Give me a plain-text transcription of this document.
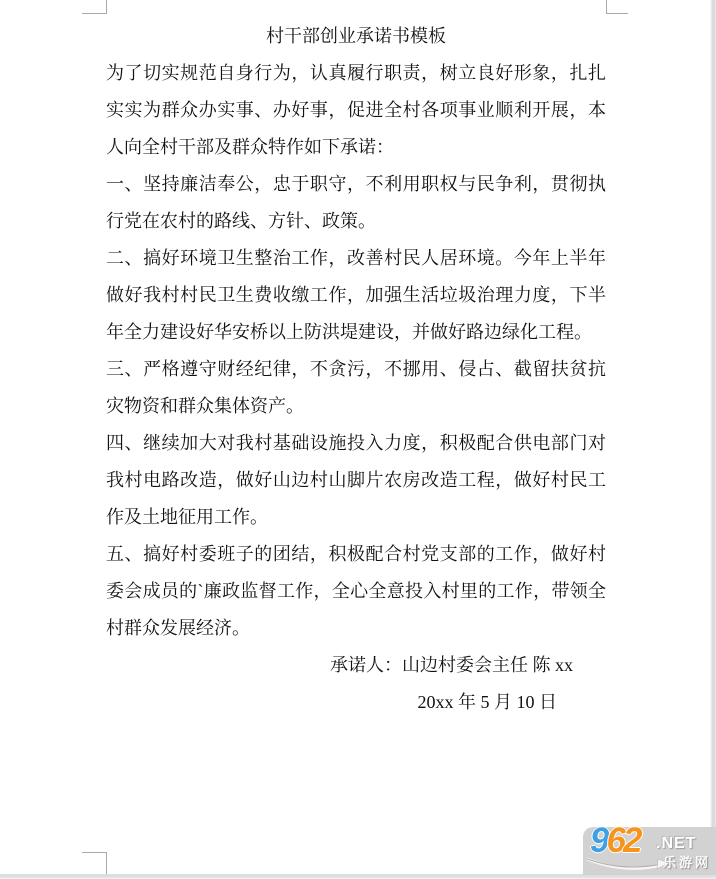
村干部创业承诺书模板

为了切实规范自身行为，认真履行职责，树立良好形象，扎扎实实为群众办实事、办好事，促进全村各项事业顺利开展，本人向全村干部及群众特作如下承诺：

一、坚持廉洁奉公，忠于职守，不利用职权与民争利，贯彻执行党在农村的路线、方针、政策。

二、搞好环境卫生整治工作，改善村民人居环境。今年上半年做好我村村民卫生费收缴工作，加强生活垃圾治理力度，下半年全力建设好华安桥以上防洪堤建设，并做好路边绿化工程。

三、严格遵守财经纪律，不贪污，不挪用、侵占、截留扶贫抗灾物资和群众集体资产。

四、继续加大对我村基础设施投入力度，积极配合供电部门对我村电路改造，做好山边村山脚片农房改造工程，做好村民工作及土地征用工作。

五、搞好村委班子的团结，积极配合村党支部的工作，做好村委会成员的`廉政监督工作，全心全意投入村里的工作，带领全村群众发展经济。

承诺人：山边村委会主任 陈 xx

20xx 年 5 月 10 日

962 .NET
乐游网
